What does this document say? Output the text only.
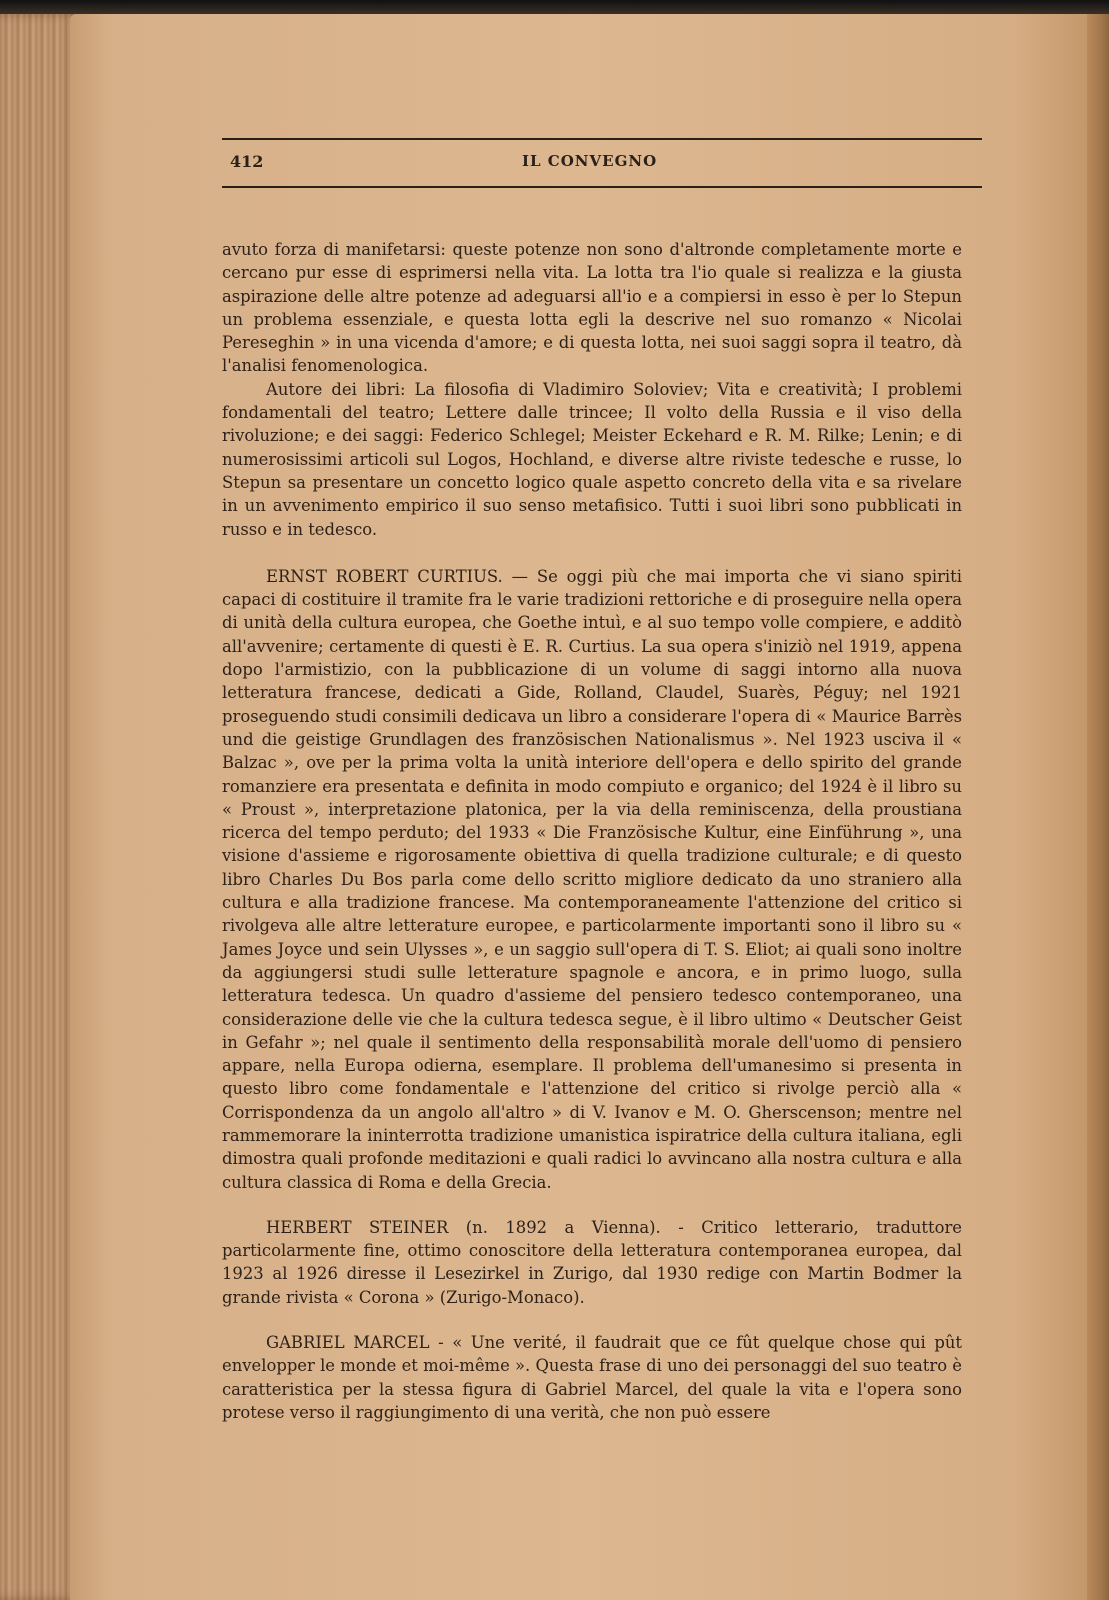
412	IL CONVEGNO

avuto forza di manifetarsi: queste potenze non sono d'altronde completamente morte e cercano pur esse di esprimersi nella vita. La lotta tra l'io quale si realizza e la giusta aspirazione delle altre potenze ad adeguarsi all'io e a compiersi in esso è per lo Stepun un problema essenziale, e questa lotta egli la descrive nel suo romanzo « Nicolai Pereseghin » in una vicenda d'amore; e di questa lotta, nei suoi saggi sopra il teatro, dà l'analisi fenomenologica.

Autore dei libri: La filosofia di Vladimiro Soloviev; Vita e creatività; I problemi fondamentali del teatro; Lettere dalle trincee; Il volto della Russia e il viso della rivoluzione; e dei saggi: Federico Schlegel; Meister Eckehard e R. M. Rilke; Lenin; e di numerosissimi articoli sul Logos, Hochland, e diverse altre riviste tedesche e russe, lo Stepun sa presentare un concetto logico quale aspetto concreto della vita e sa rivelare in un avvenimento empirico il suo senso metafisico. Tutti i suoi libri sono pubblicati in russo e in tedesco.

ERNST ROBERT CURTIUS. — Se oggi più che mai importa che vi siano spiriti capaci di costituire il tramite fra le varie tradizioni rettoriche e di proseguire nella opera di unità della cultura europea, che Goethe intuì, e al suo tempo volle compiere, e additò all'avvenire; certamente di questi è E. R. Curtius. La sua opera s'iniziò nel 1919, appena dopo l'armistizio, con la pubblicazione di un volume di saggi intorno alla nuova letteratura francese, dedicati a Gide, Rolland, Claudel, Suarès, Péguy; nel 1921 proseguendo studi consimili dedicava un libro a considerare l'opera di « Maurice Barrès und die geistige Grundlagen des französischen Nationalismus ». Nel 1923 usciva il « Balzac », ove per la prima volta la unità interiore dell'opera e dello spirito del grande romanziere era presentata e definita in modo compiuto e organico; del 1924 è il libro su « Proust », interpretazione platonica, per la via della reminiscenza, della proustiana ricerca del tempo perduto; del 1933 « Die Französische Kultur, eine Einführung », una visione d'assieme e rigorosamente obiettiva di quella tradizione culturale; e di questo libro Charles Du Bos parla come dello scritto migliore dedicato da uno straniero alla cultura e alla tradizione francese. Ma contemporaneamente l'attenzione del critico si rivolgeva alle altre letterature europee, e particolarmente importanti sono il libro su « James Joyce und sein Ulysses », e un saggio sull'opera di T. S. Eliot; ai quali sono inoltre da aggiungersi studi sulle letterature spagnole e ancora, e in primo luogo, sulla letteratura tedesca. Un quadro d'assieme del pensiero tedesco contemporaneo, una considerazione delle vie che la cultura tedesca segue, è il libro ultimo « Deutscher Geist in Gefahr »; nel quale il sentimento della responsabilità morale dell'uomo di pensiero appare, nella Europa odierna, esemplare. Il problema dell'umanesimo si presenta in questo libro come fondamentale e l'attenzione del critico si rivolge perciò alla « Corrispondenza da un angolo all'altro » di V. Ivanov e M. O. Gherscenson; mentre nel rammemorare la ininterrotta tradizione umanistica ispiratrice della cultura italiana, egli dimostra quali profonde meditazioni e quali radici lo avvincano alla nostra cultura e alla cultura classica di Roma e della Grecia.

HERBERT STEINER (n. 1892 a Vienna). - Critico letterario, traduttore particolarmente fine, ottimo conoscitore della letteratura contemporanea europea, dal 1923 al 1926 diresse il Lesezirkel in Zurigo, dal 1930 redige con Martin Bodmer la grande rivista « Corona » (Zurigo-Monaco).

GABRIEL MARCEL - « Une verité, il faudrait que ce fût quelque chose qui pût envelopper le monde et moi-même ». Questa frase di uno dei personaggi del suo teatro è caratteristica per la stessa figura di Gabriel Marcel, del quale la vita e l'opera sono protese verso il raggiungimento di una verità, che non può essere
